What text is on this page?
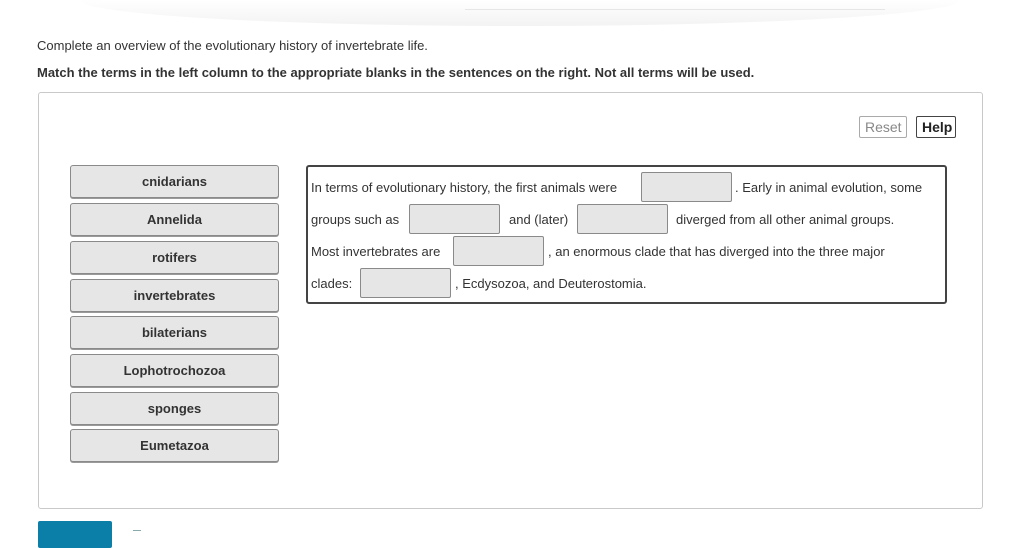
Complete an overview of the evolutionary history of invertebrate life.
Match the terms in the left column to the appropriate blanks in the sentences on the right. Not all terms will be used.
Reset	Help
cnidarians
Annelida
rotifers
invertebrates
bilaterians
Lophotrochozoa
sponges
Eumetazoa
In terms of evolutionary history, the first animals were	. Early in animal evolution, some
groups such as	and (later)	diverged from all other animal groups.
Most invertebrates are	, an enormous clade that has diverged into the three major
clades:	, Ecdysozoa, and Deuterostomia.
